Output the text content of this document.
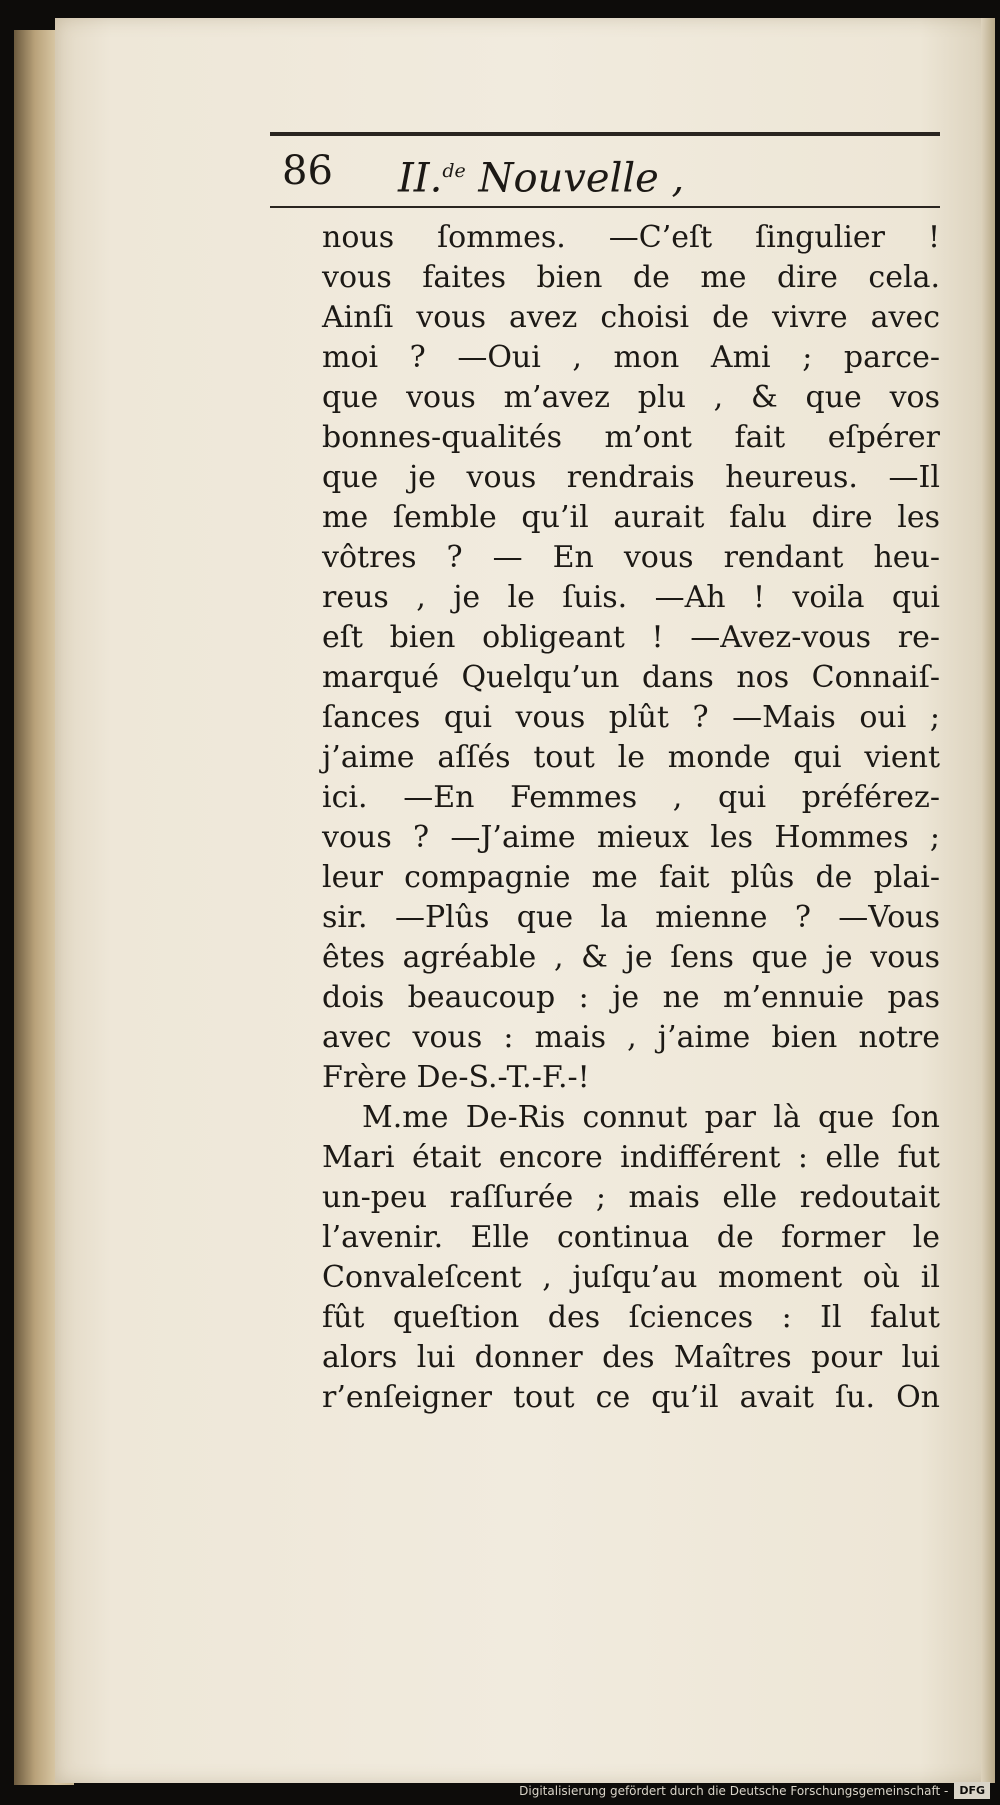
86 II.$^{de}$ Nouvelle ,
nous ſommes. —C’eſt ſingulier !
vous faites bien de me dire cela.
Ainſi vous avez choisi de vivre avec
moi ? —Oui , mon Ami ; parce-
que vous m’avez plu , & que vos
bonnes-qualités m’ont fait eſpérer
que je vous rendrais heureus. —Il
me ſemble qu’il aurait falu dire les
vôtres ? — En vous rendant heu-
reus , je le ſuis. —Ah ! voila qui
eſt bien obligeant ! —Avez-vous re-
marqué Quelqu’un dans nos Connaiſ-
ſances qui vous plût ? —Mais oui ;
j’aime aſſés tout le monde qui vient
ici. —En Femmes , qui préférez-
vous ? —J’aime mieux les Hommes ;
leur compagnie me fait plûs de plai-
sir. —Plûs que la mienne ? —Vous
êtes agréable , & je ſens que je vous
dois beaucoup : je ne m’ennuie pas
avec vous : mais , j’aime bien notre
Frère De-S.-T.-F.-!
M.me De-Ris connut par là que ſon
Mari était encore indifférent : elle fut
un-peu raſſurée ; mais elle redoutait
l’avenir. Elle continua de former le
Convaleſcent , juſqu’au moment où il
fût queſtion des ſciences : Il falut
alors lui donner des Maîtres pour lui
r’enſeigner tout ce qu’il avait ſu. On
Digitalisierung gefördert durch die Deutsche Forschungsgemeinschaft -	DFG
